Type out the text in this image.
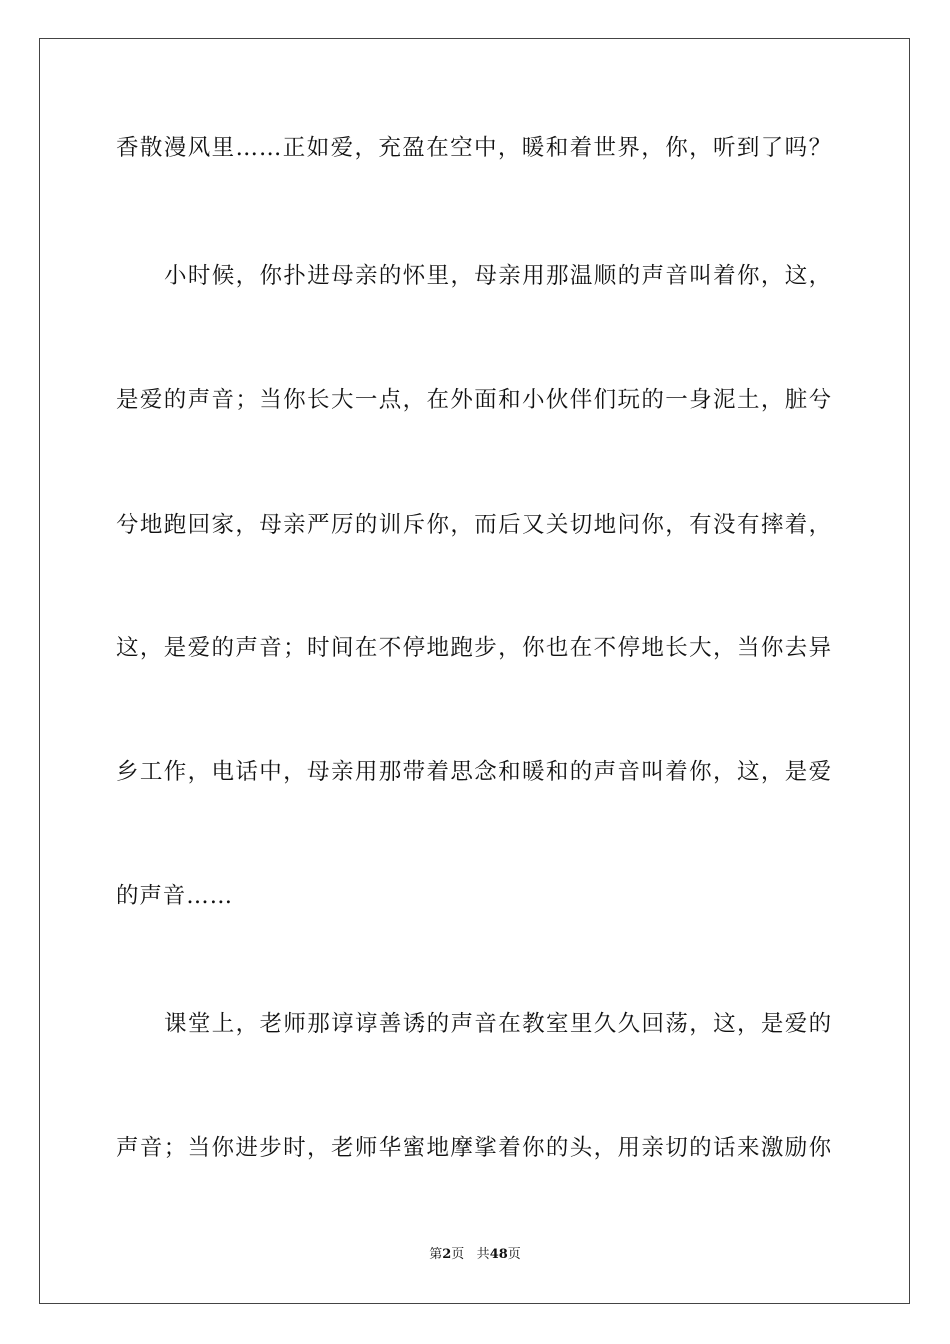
香散漫风里……正如爱，充盈在空中，暖和着世界，你，听到了吗？
小时候，你扑进母亲的怀里，母亲用那温顺的声音叫着你，这，
是爱的声音；当你长大一点，在外面和小伙伴们玩的一身泥土，脏兮
兮地跑回家，母亲严厉的训斥你，而后又关切地问你，有没有摔着，
这，是爱的声音；时间在不停地跑步，你也在不停地长大，当你去异
乡工作，电话中，母亲用那带着思念和暖和的声音叫着你，这，是爱
的声音……
课堂上，老师那谆谆善诱的声音在教室里久久回荡，这，是爱的
声音；当你进步时，老师华蜜地摩挲着你的头，用亲切的话来激励你
第2页 共48页
